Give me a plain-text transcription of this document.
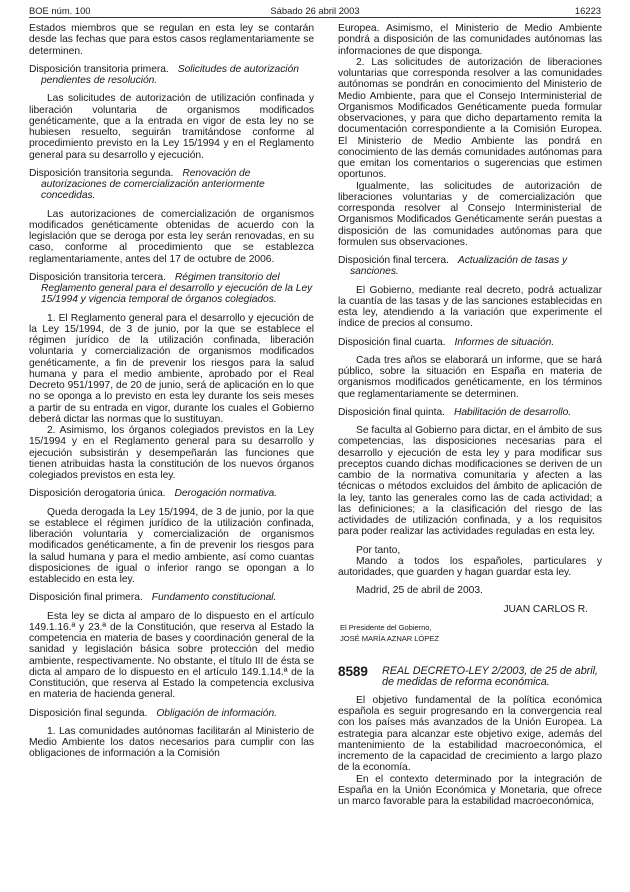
BOE núm. 100	Sábado 26 abril 2003	16223

Estados miembros que se regulan en esta ley se contarán desde las fechas que para estos casos reglamentariamente se determinen.

Disposición transitoria primera. Solicitudes de autorización pendientes de resolución.

Las solicitudes de autorización de utilización confinada y liberación voluntaria de organismos modificados genéticamente, que a la entrada en vigor de esta ley no se hubiesen resuelto, seguirán tramitándose conforme al procedimiento previsto en la Ley 15/1994 y en el Reglamento general para su desarrollo y ejecución.

Disposición transitoria segunda. Renovación de autorizaciones de comercialización anteriormente concedidas.

Las autorizaciones de comercialización de organismos modificados genéticamente obtenidas de acuerdo con la legislación que se deroga por esta ley serán renovadas, en su caso, conforme al procedimiento que se establezca reglamentariamente, antes del 17 de octubre de 2006.

Disposición transitoria tercera. Régimen transitorio del Reglamento general para el desarrollo y ejecución de la Ley 15/1994 y vigencia temporal de órganos colegiados.

1. El Reglamento general para el desarrollo y ejecución de la Ley 15/1994, de 3 de junio, por la que se establece el régimen jurídico de la utilización confinada, liberación voluntaria y comercialización de organismos modificados genéticamente, a fin de prevenir los riesgos para la salud humana y para el medio ambiente, aprobado por el Real Decreto 951/1997, de 20 de junio, será de aplicación en lo que no se oponga a lo previsto en esta ley durante los seis meses a partir de su entrada en vigor, durante los cuales el Gobierno deberá dictar las normas que lo sustituyan.

2. Asimismo, los órganos colegiados previstos en la Ley 15/1994 y en el Reglamento general para su desarrollo y ejecución subsistirán y desempeñarán las funciones que tienen atribuidas hasta la constitución de los nuevos órganos colegiados previstos en esta ley.

Disposición derogatoria única. Derogación normativa.

Queda derogada la Ley 15/1994, de 3 de junio, por la que se establece el régimen jurídico de la utilización confinada, liberación voluntaria y comercialización de organismos modificados genéticamente, a fin de prevenir los riesgos para la salud humana y para el medio ambiente, así como cuantas disposiciones de igual o inferior rango se opongan a lo establecido en esta ley.

Disposición final primera. Fundamento constitucional.

Esta ley se dicta al amparo de lo dispuesto en el artículo 149.1.16.ª y 23.ª de la Constitución, que reserva al Estado la competencia en materia de bases y coordinación general de la sanidad y legislación básica sobre protección del medio ambiente, respectivamente. No obstante, el título III de ésta se dicta al amparo de lo dispuesto en el artículo 149.1.14.ª de la Constitución, que reserva al Estado la competencia exclusiva en materia de hacienda general.

Disposición final segunda. Obligación de información.

1. Las comunidades autónomas facilitarán al Ministerio de Medio Ambiente los datos necesarios para cumplir con las obligaciones de información a la Comisión

Europea. Asimismo, el Ministerio de Medio Ambiente pondrá a disposición de las comunidades autónomas las informaciones de que disponga.

2. Las solicitudes de autorización de liberaciones voluntarias que corresponda resolver a las comunidades autónomas se pondrán en conocimiento del Ministerio de Medio Ambiente, para que el Consejo Interministerial de Organismos Modificados Genéticamente pueda formular observaciones, y para que dicho departamento remita la documentación correspondiente a la Comisión Europea. El Ministerio de Medio Ambiente las pondrá en conocimiento de las demás comunidades autónomas para que emitan los comentarios o sugerencias que estimen oportunos.

Igualmente, las solicitudes de autorización de liberaciones voluntarias y de comercialización que corresponda resolver al Consejo Interministerial de Organismos Modificados Genéticamente serán puestas a disposición de las comunidades autónomas para que formulen sus observaciones.

Disposición final tercera. Actualización de tasas y sanciones.

El Gobierno, mediante real decreto, podrá actualizar la cuantía de las tasas y de las sanciones establecidas en esta ley, atendiendo a la variación que experimente el índice de precios al consumo.

Disposición final cuarta. Informes de situación.

Cada tres años se elaborará un informe, que se hará público, sobre la situación en España en materia de organismos modificados genéticamente, en los términos que reglamentariamente se determinen.

Disposición final quinta. Habilitación de desarrollo.

Se faculta al Gobierno para dictar, en el ámbito de sus competencias, las disposiciones necesarias para el desarrollo y ejecución de esta ley y para modificar sus preceptos cuando dichas modificaciones se deriven de un cambio de la normativa comunitaria y afecten a las técnicas o métodos excluidos del ámbito de aplicación de la ley, tanto las generales como las de cada actividad; a las definiciones; a la clasificación del riesgo de las actividades de utilización confinada, y a los requisitos para poder realizar las actividades reguladas en esta ley.

Por tanto,

Mando a todos los españoles, particulares y autoridades, que guarden y hagan guardar esta ley.

Madrid, 25 de abril de 2003.

JUAN CARLOS R.

El Presidente del Gobierno,

JOSÉ MARÍA AZNAR LÓPEZ

8589	REAL DECRETO-LEY 2/2003, de 25 de abril, de medidas de reforma económica.

El objetivo fundamental de la política económica española es seguir progresando en la convergencia real con los países más avanzados de la Unión Europea. La estrategia para alcanzar este objetivo exige, además del mantenimiento de la estabilidad macroeconómica, el incremento de la capacidad de crecimiento a largo plazo de la economía.

En el contexto determinado por la integración de España en la Unión Económica y Monetaria, que ofrece un marco favorable para la estabilidad macroeconómica,
